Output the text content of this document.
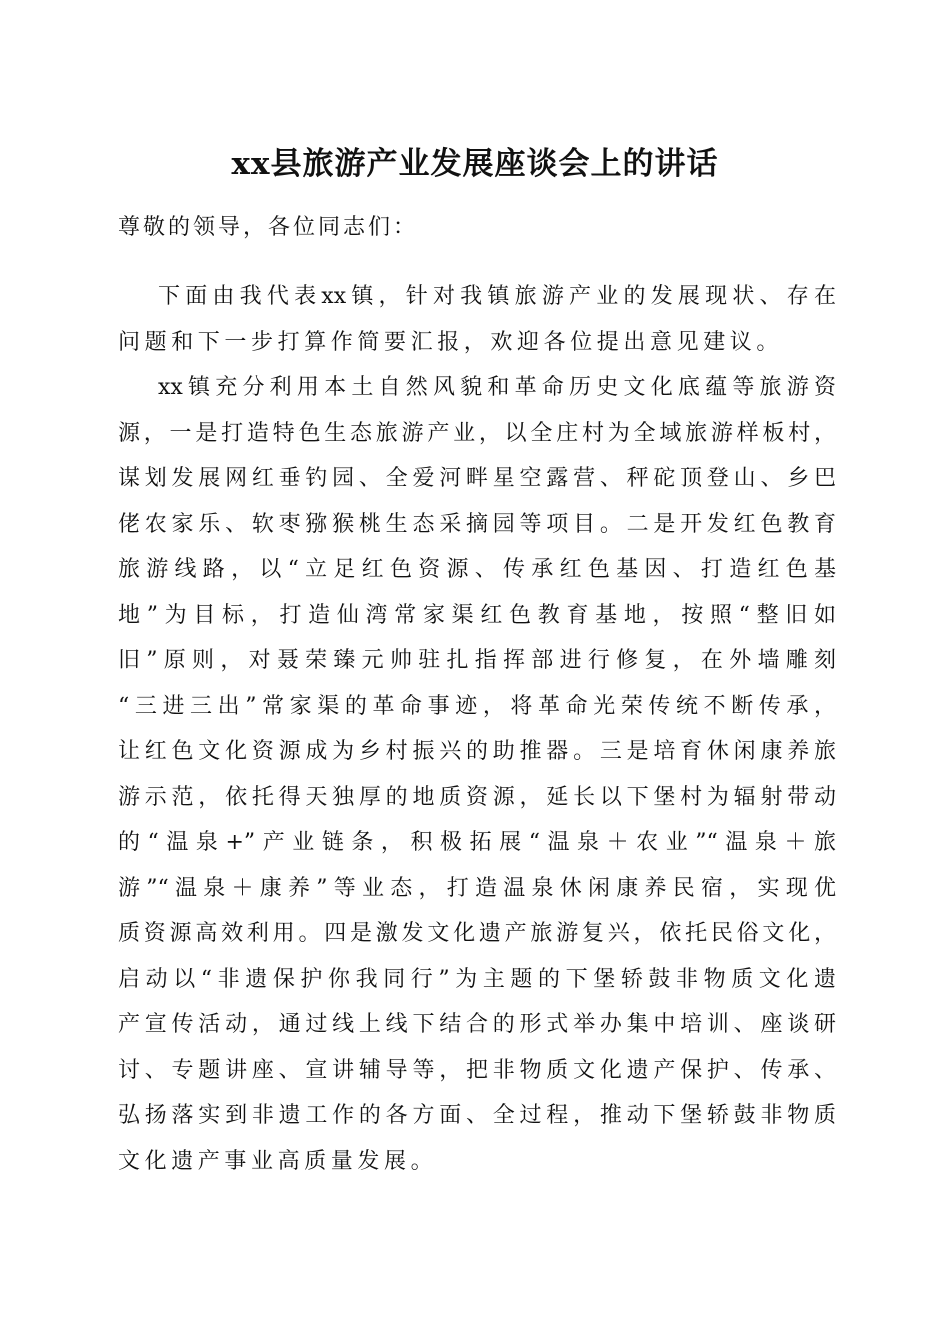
xx县旅游产业发展座谈会上的讲话
尊敬的领导，各位同志们：
下面由我代表xx镇，针对我镇旅游产业的发展现状、存在
问题和下一步打算作简要汇报，欢迎各位提出意见建议。
xx镇充分利用本土自然风貌和革命历史文化底蕴等旅游资
源，一是打造特色生态旅游产业，以全庄村为全域旅游样板村，
谋划发展网红垂钓园、全爱河畔星空露营、秤砣顶登山、乡巴
佬农家乐、软枣猕猴桃生态采摘园等项目。二是开发红色教育
旅游线路，以“立足红色资源、传承红色基因、打造红色基
地”为目标，打造仙湾常家渠红色教育基地，按照“整旧如
旧”原则，对聂荣臻元帅驻扎指挥部进行修复，在外墙雕刻
“三进三出”常家渠的革命事迹，将革命光荣传统不断传承，
让红色文化资源成为乡村振兴的助推器。三是培育休闲康养旅
游示范，依托得天独厚的地质资源，延长以下堡村为辐射带动
的“温泉+”产业链条，积极拓展“温泉＋农业”“温泉＋旅
游”“温泉＋康养”等业态，打造温泉休闲康养民宿，实现优
质资源高效利用。四是激发文化遗产旅游复兴，依托民俗文化，
启动以“非遗保护你我同行”为主题的下堡轿鼓非物质文化遗
产宣传活动，通过线上线下结合的形式举办集中培训、座谈研
讨、专题讲座、宣讲辅导等，把非物质文化遗产保护、传承、
弘扬落实到非遗工作的各方面、全过程，推动下堡轿鼓非物质
文化遗产事业高质量发展。
